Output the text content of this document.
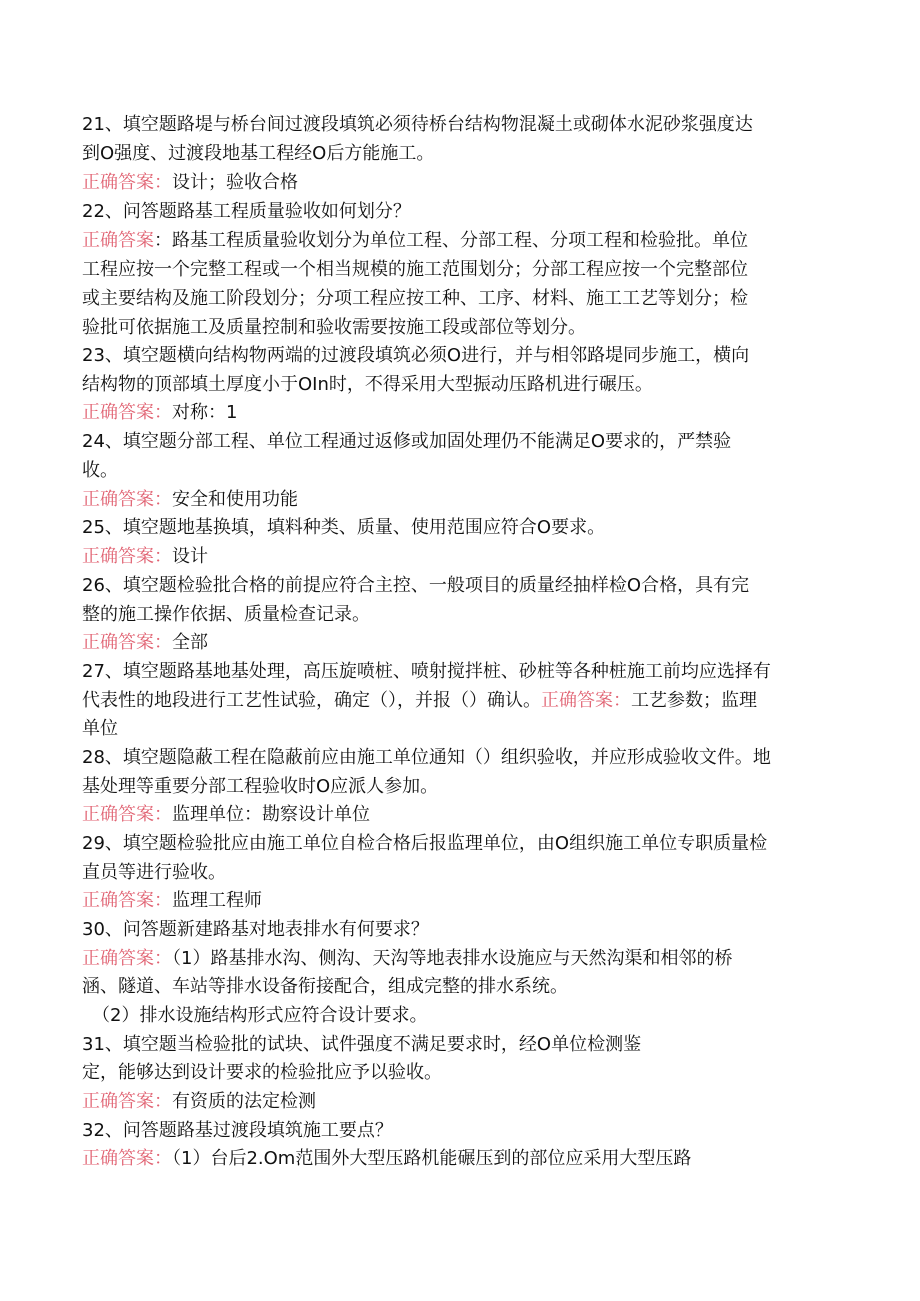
21、填空题路堤与桥台间过渡段填筑必须待桥台结构物混凝土或砌体水泥砂浆强度达
到O强度、过渡段地基工程经O后方能施工。
正确答案：设计；验收合格
22、问答题路基工程质量验收如何划分？
正确答案：路基工程质量验收划分为单位工程、分部工程、分项工程和检验批。单位
工程应按一个完整工程或一个相当规模的施工范围划分；分部工程应按一个完整部位
或主要结构及施工阶段划分；分项工程应按工种、工序、材料、施工工艺等划分；检
验批可依据施工及质量控制和验收需要按施工段或部位等划分。
23、填空题横向结构物两端的过渡段填筑必须O进行，并与相邻路堤同步施工，横向
结构物的顶部填土厚度小于OIn时，不得采用大型振动压路机进行碾压。
正确答案：对称：1
24、填空题分部工程、单位工程通过返修或加固处理仍不能满足O要求的，严禁验
收。
正确答案：安全和使用功能
25、填空题地基换填，填料种类、质量、使用范围应符合O要求。
正确答案：设计
26、填空题检验批合格的前提应符合主控、一般项目的质量经抽样检O合格，具有完
整的施工操作依据、质量检查记录。
正确答案：全部
27、填空题路基地基处理，高压旋喷桩、喷射搅拌桩、砂桩等各种桩施工前均应选择有
代表性的地段进行工艺性试验，确定（），并报（）确认。正确答案：工艺参数；监理
单位
28、填空题隐蔽工程在隐蔽前应由施工单位通知（）组织验收，并应形成验收文件。地
基处理等重要分部工程验收时O应派人参加。
正确答案：监理单位：勘察设计单位
29、填空题检验批应由施工单位自检合格后报监理单位，由O组织施工单位专职质量检
直员等进行验收。
正确答案：监理工程师
30、问答题新建路基对地表排水有何要求？
正确答案：（1）路基排水沟、侧沟、天沟等地表排水设施应与天然沟渠和相邻的桥
涵、隧道、车站等排水设备衔接配合，组成完整的排水系统。
（2）排水设施结构形式应符合设计要求。
31、填空题当检验批的试块、试件强度不满足要求时，经O单位检测鉴
定，能够达到设计要求的检验批应予以验收。
正确答案：有资质的法定检测
32、问答题路基过渡段填筑施工要点？
正确答案：（1）台后2.Om范围外大型压路机能碾压到的部位应采用大型压路
